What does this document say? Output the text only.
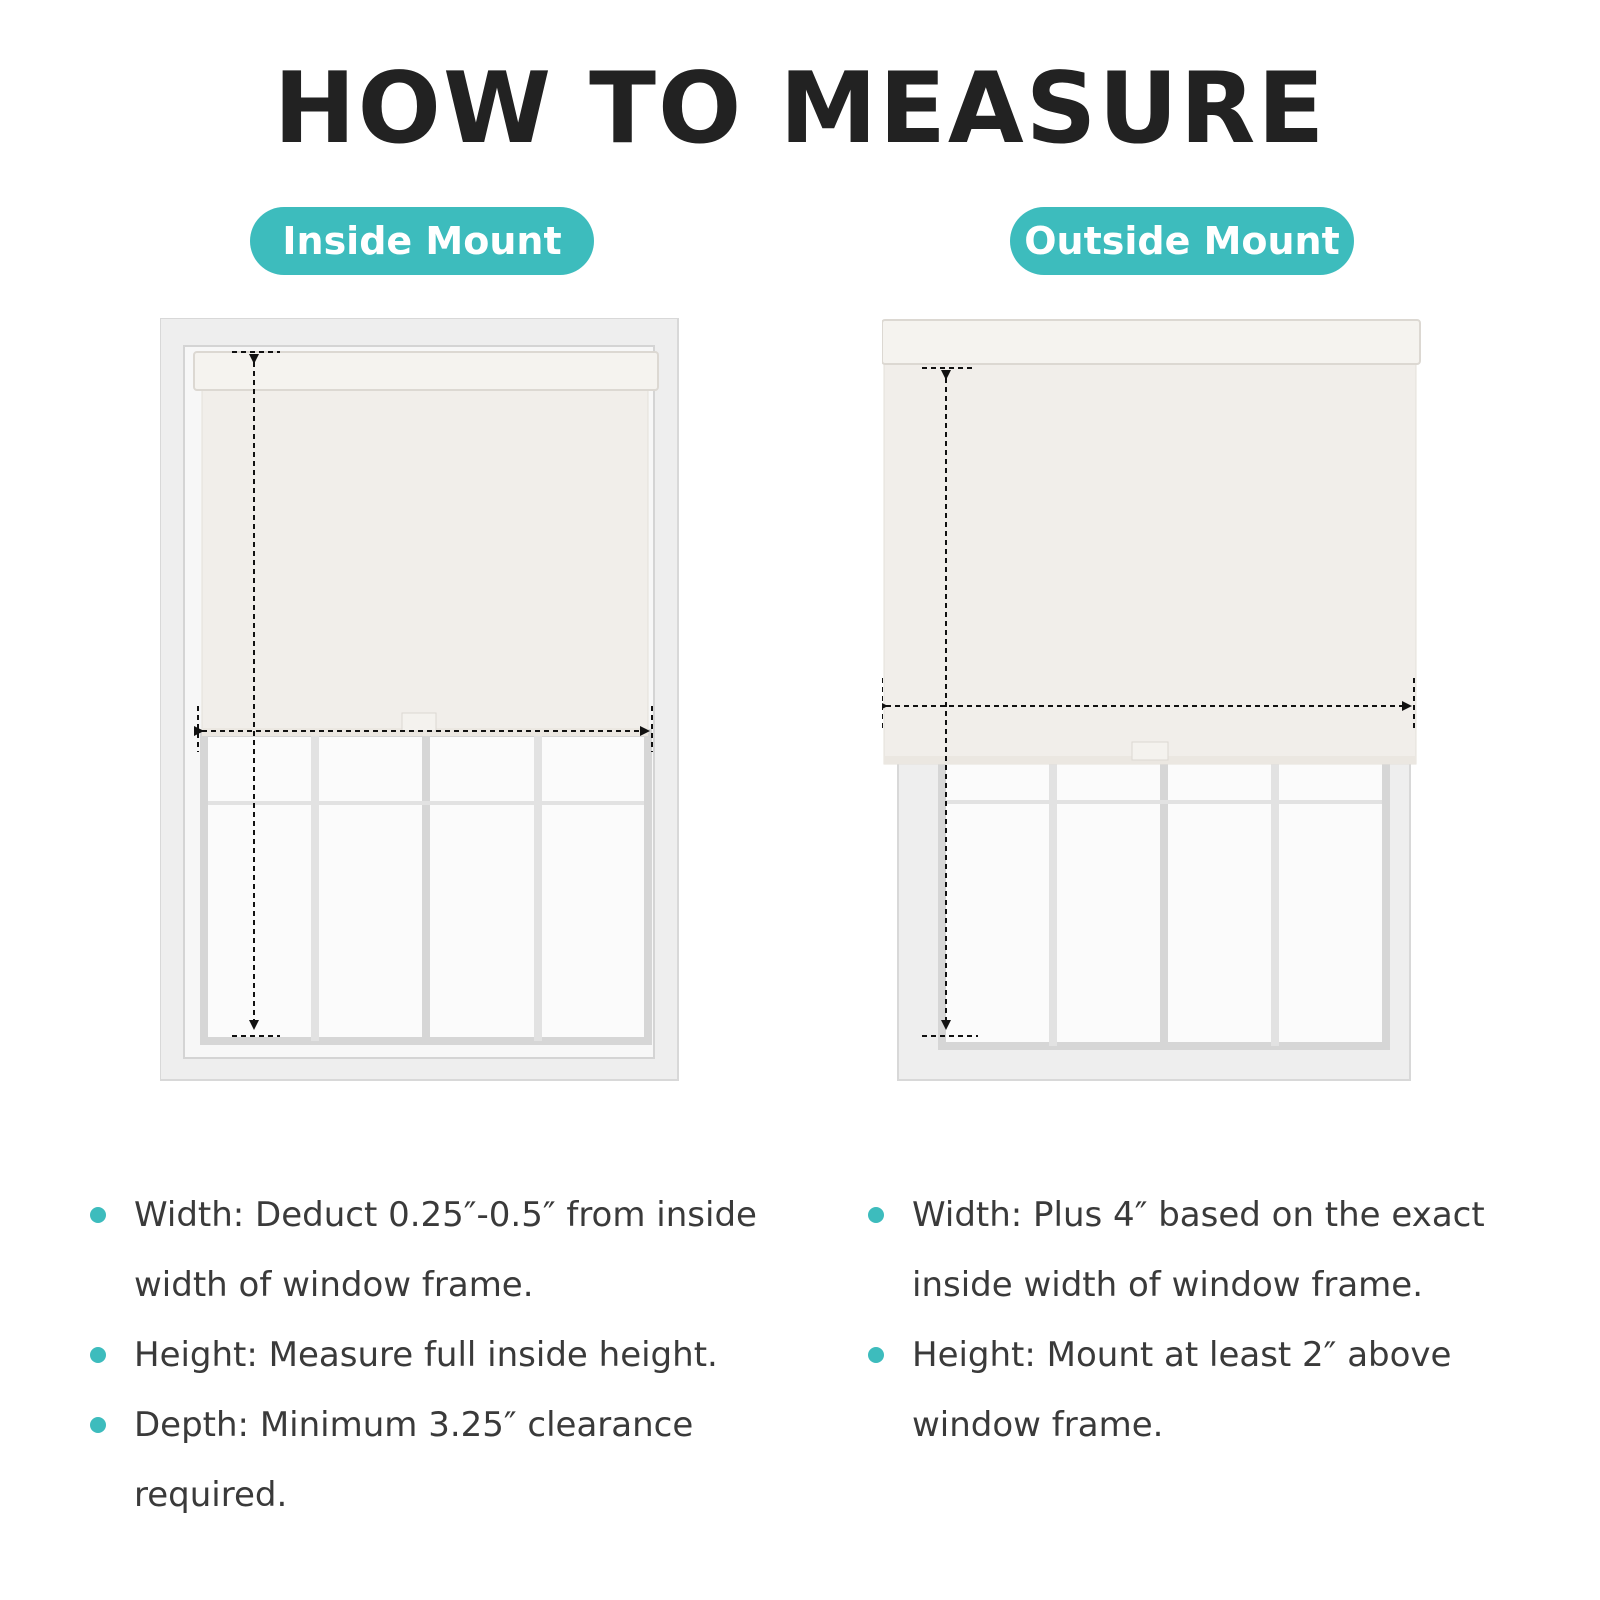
HOW TO MEASURE
Inside Mount	Outside Mount
Width: Deduct 0.25″-0.5″ from inside width of window frame.
Height: Measure full inside height.
Depth: Minimum 3.25″ clearance required.
Width: Plus 4″ based on the exact inside width of window frame.
Height: Mount at least 2″ above window frame.
